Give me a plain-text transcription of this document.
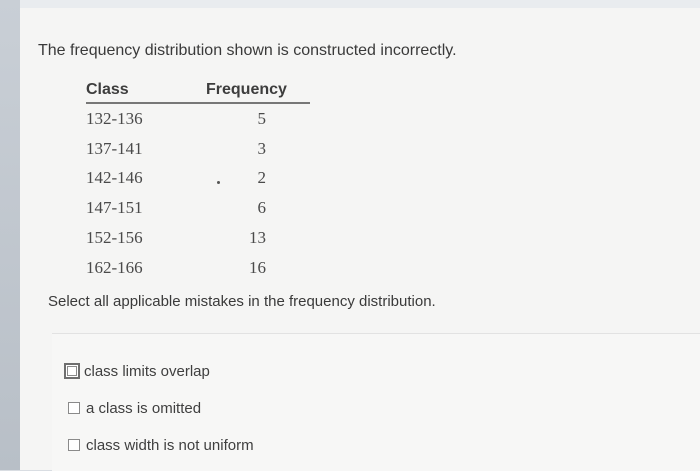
The frequency distribution shown is constructed incorrectly.
Class	Frequency
132-136	5
137-141	3
142-146	2
147-151	6
152-156	13
162-166	16
Select all applicable mistakes in the frequency distribution.
class limits overlap
a class is omitted
class width is not uniform
